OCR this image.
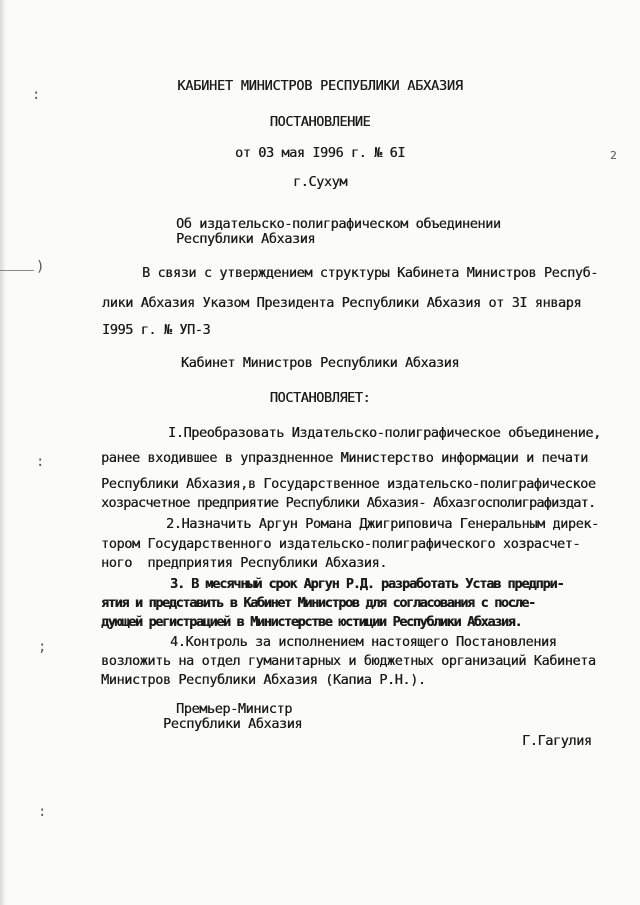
:
)
:
;
:
КАБИНЕТ МИНИСТРОВ РЕСПУБЛИКИ АБХАЗИЯ
ПОСТАНОВЛЕНИЕ
от 03 мая I996 г. № 6I
г.Сухум
Об издательско-полиграфическом объединении
Республики Абхазия
В связи с утверждением структуры Кабинета Министров Респуб-
лики Абхазия Указом Президента Республики Абхазия от 3I января
I995 г. № УП-3
Кабинет Министров Республики Абхазия
ПОСТАНОВЛЯЕТ:
I.Преобразовать Издательско-полиграфическое объединение,
ранее входившее в упраздненное Министерство информации и печати
Республики Абхазия,в Государственное издательско-полиграфическое
хозрасчетное предприятие Республики Абхазия- Абхазгосполиграфиздат.
2.Назначить Аргун Романа Джигриповича Генеральным дирек-
тором Государственного издательско-полиграфического хозрасчет-
ного  предприятия Республики Абхазия.
3. В месячный срок Аргун Р.Д. разработать Устав предпри-
ятия и представить в Кабинет Министров для согласования с после-
дующей регистрацией в Министерстве юстиции Республики Абхазия.
4.Контроль за исполнением настоящего Постановления
возложить на отдел гуманитарных и бюджетных организаций Кабинета
Министров Республики Абхазия (Капиа Р.Н.).
Премьер-Министр
Республики Абхазия
Г.Гагулия
2
